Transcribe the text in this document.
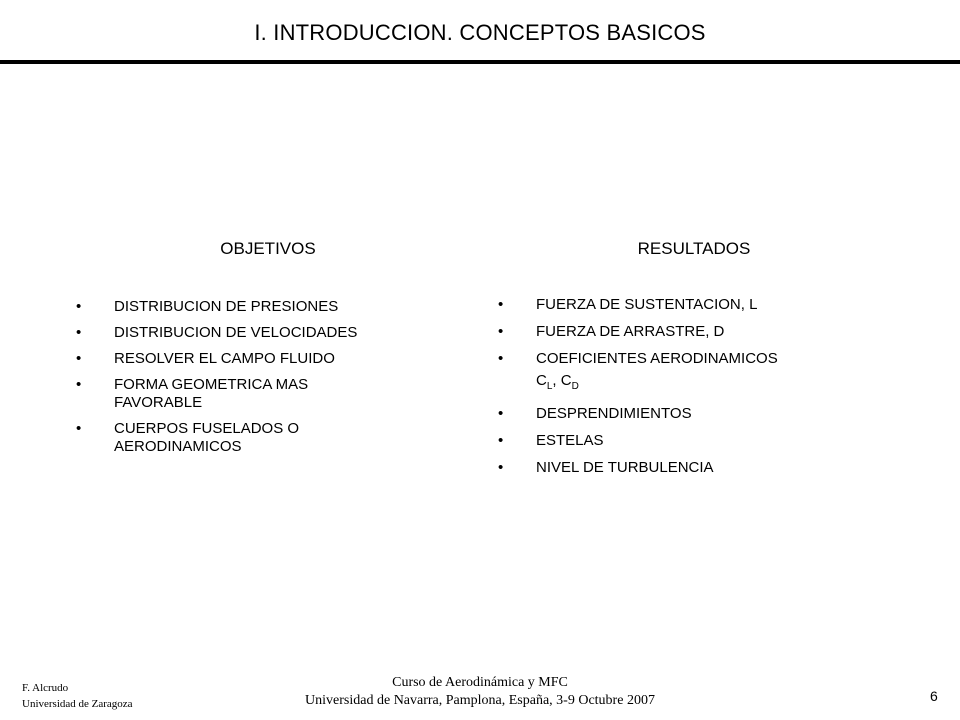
I. INTRODUCCION. CONCEPTOS BASICOS
OBJETIVOS
• DISTRIBUCION DE PRESIONES
• DISTRIBUCION DE VELOCIDADES
• RESOLVER EL CAMPO FLUIDO
• FORMA GEOMETRICA MAS
FAVORABLE
• CUERPOS FUSELADOS O
AERODINAMICOS
RESULTADOS
• FUERZA DE SUSTENTACION, L
• FUERZA DE ARRASTRE, D
• COEFICIENTES AERODINAMICOS
$C_L$, $C_D$
• DESPRENDIMIENTOS
• ESTELAS
• NIVEL DE TURBULENCIA
F. Alcrudo
Universidad de Zaragoza
Curso de Aerodinámica y MFC
Universidad de Navarra, Pamplona, España, 3-9 Octubre 2007	6
